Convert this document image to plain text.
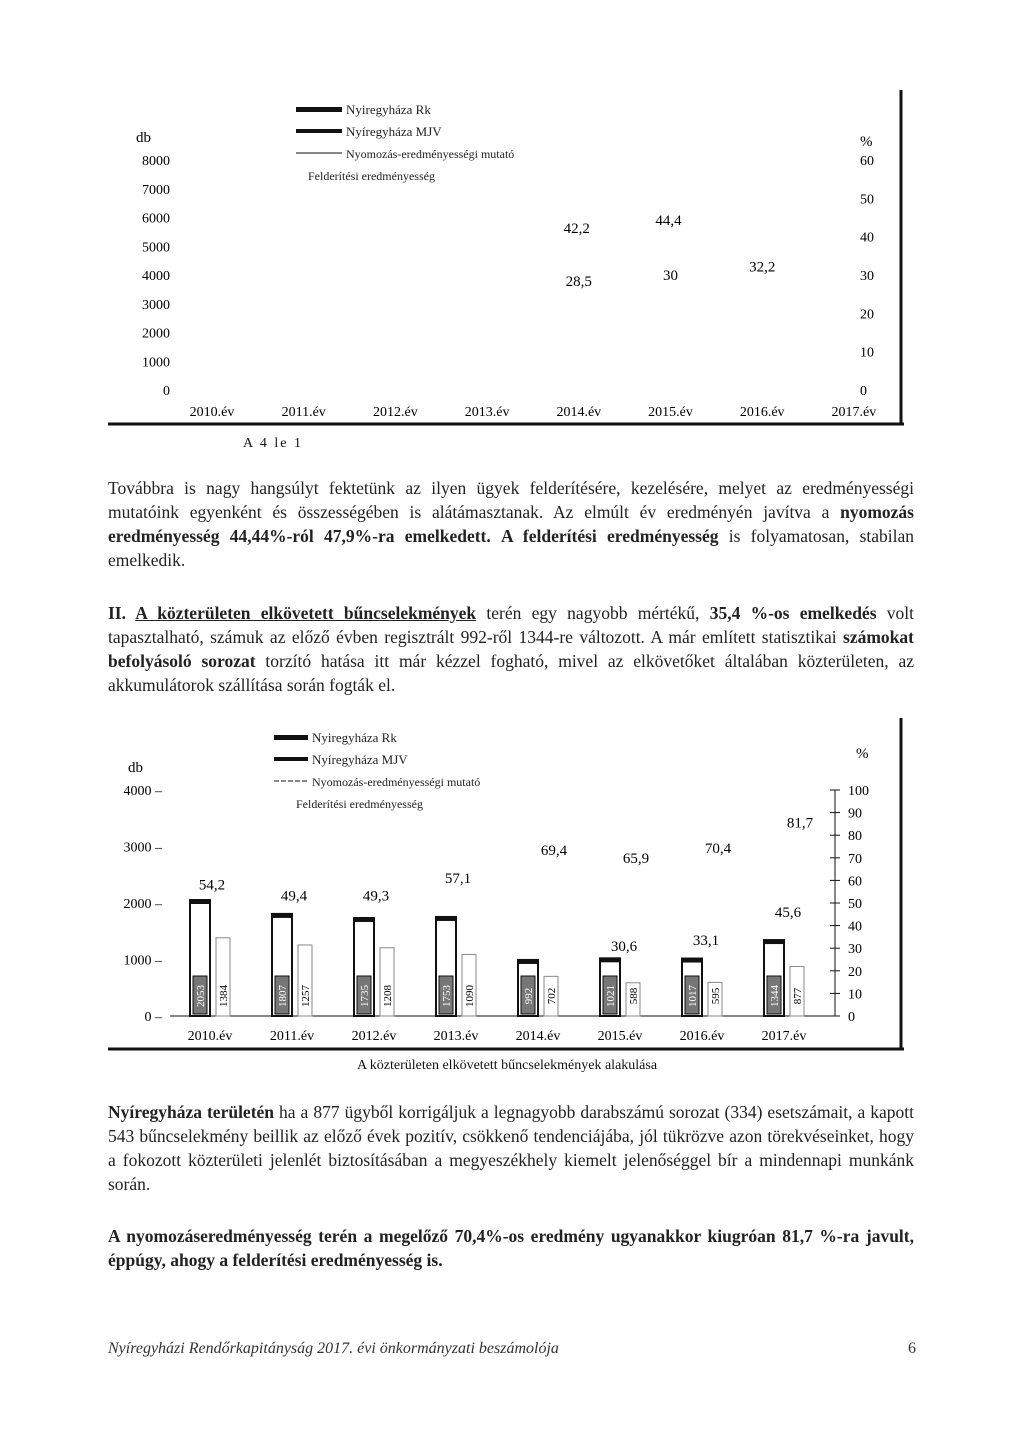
db	%
8000
7000
6000
5000
4000
3000
2000
1000
0
60
50
40
30
20
10
0
Nyiregyháza Rk
Nyíregyháza MJV
Nyomozás-eredményességi mutató
Felderítési eredményesség
2010.év	2011.év	2012.év	2013.év	2014.év	2015.év	2016.év	2017.év
42,2
44,4
28,5	30
32,2
A 4 le 1
Továbbra is nagy hangsúlyt fektetünk az ilyen ügyek felderítésére, kezelésére, melyet az eredményességi mutatóink egyenként és összességében is alátámasztanak. Az elmúlt év eredményén javítva a nyomozás eredményesség 44,44%-ról 47,9%-ra emelkedett. A felderítési eredményesség is folyamatosan, stabilan emelkedik.
II. A közterületen elkövetett bűncselekmények terén egy nagyobb mértékű, 35,4 %-os emelkedés volt tapasztalható, számuk az előző évben regisztrált 992-ről 1344-re változott. A már említett statisztikai számokat befolyásoló sorozat torzító hatása itt már kézzel fogható, mivel az elkövetőket általában közterületen, az akkumulátorok szállítása során fogták el.
db
%
4000 –
3000 –
2000 –
1000 –
0 –
100
90
80
70
60
50
40
30
20
10
0
Nyiregyháza Rk
Nyíregyháza MJV
Nyomozás-eredményességi mutató
Felderítési eredményesség
2053 1384
2010.év
54,2
1807 1257
2011.év
49,4
1735 1208
2012.év
49,3
1753 1090
2013.év
57,1
992 702
2014.év
69,4
1021 588
2015.év
65,9
30,6
1017 595
2016.év
70,4
33,1
1344 877
2017.év
81,7
45,6
A közterületen elkövetett bűncselekmények alakulása
Nyíregyháza területén ha a 877 ügyből korrigáljuk a legnagyobb darabszámú sorozat (334) esetszámait, a kapott 543 bűncselekmény beillik az előző évek pozitív, csökkenő tendenciájába, jól tükrözve azon törekvéseinket, hogy a fokozott közterületi jelenlét biztosításában a megyeszékhely kiemelt jelenőséggel bír a mindennapi munkánk során.
A nyomozáseredményesség terén a megelőző 70,4%-os eredmény ugyanakkor kiugróan 81,7 %-ra javult, éppúgy, ahogy a felderítési eredményesség is.
Nyíregyházi Rendőrkapitányság 2017. évi önkormányzati beszámolója	6
